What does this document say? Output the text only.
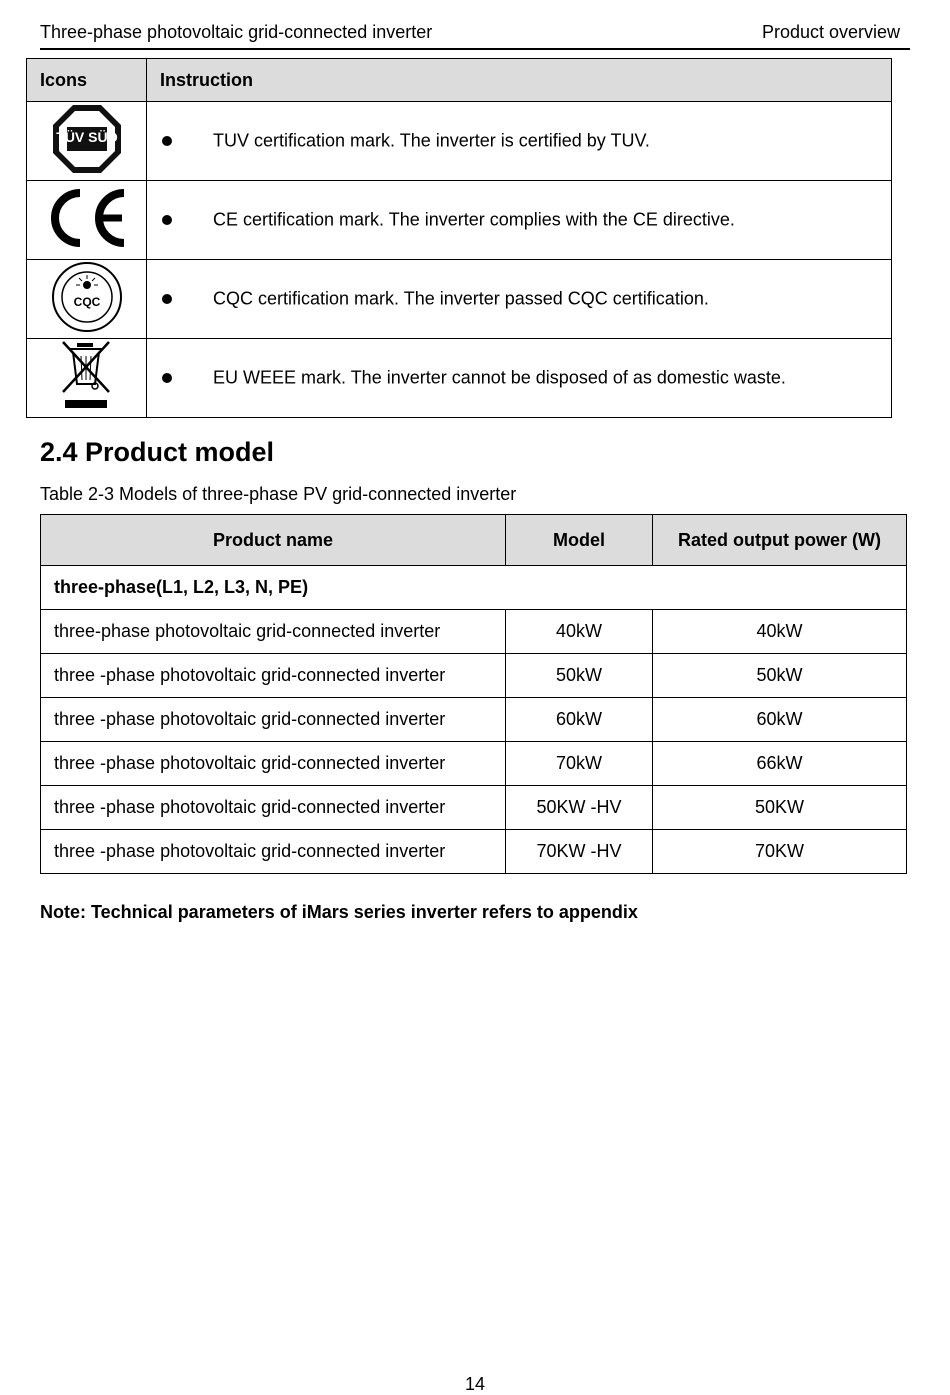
Three-phase photovoltaic grid-connected inverter	Product overview
Icons	Instruction

TÜV SÜD	TUV certification mark. The inverter is certified by TUV.

CE	CE certification mark. The inverter complies with the CE directive.

CQC	CQC certification mark. The inverter passed CQC certification.

EU WEEE mark. The inverter cannot be disposed of as domestic waste.
2.4 Product model
Table 2-3 Models of three-phase PV grid-connected inverter
Product name	Model	Rated output power (W)
three-phase(L1, L2, L3, N, PE)		
three-phase photovoltaic grid-connected inverter	40kW	40kW
three -phase photovoltaic grid-connected inverter	50kW	50kW
three -phase photovoltaic grid-connected inverter	60kW	60kW
three -phase photovoltaic grid-connected inverter	70kW	66kW
three -phase photovoltaic grid-connected inverter	50KW -HV	50KW
three -phase photovoltaic grid-connected inverter	70KW -HV	70KW
Note: Technical parameters of iMars series inverter refers to appendix
14
